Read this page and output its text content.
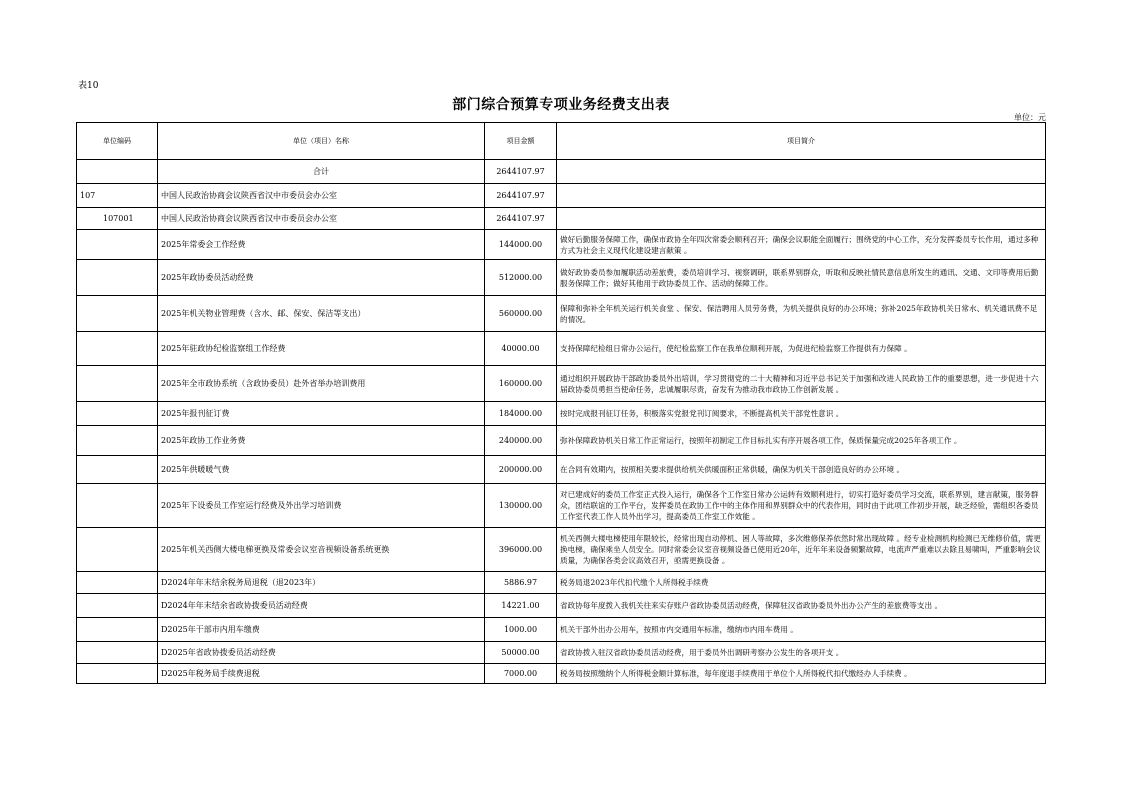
表10
部门综合预算专项业务经费支出表
单位：元
单位编码	单位（项目）名称	项目金额	项目简介
	合计	2644107.97	
107	中国人民政治协商会议陕西省汉中市委员会办公室	2644107.97	
107001	中国人民政治协商会议陕西省汉中市委员会办公室	2644107.97	
	2025年常委会工作经费	144000.00	做好后勤服务保障工作，确保市政协全年四次常委会顺利召开；确保会议职能全面履行；围绕党的中心工作，充分发挥委员专长作用，通过多种方式为社会主义现代化建设建言献策 。
	2025年政协委员活动经费	512000.00	做好政协委员参加履职活动差旅费，委员培训学习、视察调研，联系界别群众，听取和反映社情民意信息所发生的通讯、交通、文印等费用后勤服务保障工作；做好其他用于政协委员工作、活动的保障工作。
	2025年机关物业管理费（含水、邮、保安、保洁等支出）	560000.00	保障和弥补全年机关运行机关食堂 、保安、保洁聘用人员劳务费，为机关提供良好的办公环境；弥补2025年政协机关日常水、机关通讯费不足的情况。
	2025年驻政协纪检监察组工作经费	40000.00	支持保障纪检组日常办公运行，使纪检监察工作在我单位顺利开展，为促进纪检监察工作提供有力保障 。
	2025年全市政协系统（含政协委员）赴外省举办培训费用	160000.00	通过组织开展政协干部政协委员外出培训，学习贯彻党的二十大精神和习近平总书记关于加强和改进人民政协工作的重要思想，进一步促进十六届政协委员勇担当使命任务，忠诚履职尽责，奋发有为推动我市政协工作创新发展 。
	2025年报刊征订费	184000.00	按时完成报刊征订任务，积极落实党报党刊订阅要求，不断提高机关干部党性意识 。
	2025年政协工作业务费	240000.00	弥补保障政协机关日常工作正常运行，按照年初制定工作目标扎实有序开展各项工作，保质保量完成2025年各项工作 。
	2025年供暖暖气费	200000.00	在合同有效期内，按照相关要求提供给机关供暖面积正常供暖，确保为机关干部创造良好的办公环境 。
	2025年下设委员工作室运行经费及外出学习培训费	130000.00	对已建成好的委员工作室正式投入运行，确保各个工作室日常办公运转有效顺利进行，切实打造好委员学习交流，联系界别，建言献策，服务群众，团结联谊的工作平台，发挥委员在政协工作中的主体作用和界别群众中的代表作用，同时由于此项工作初步开展，缺乏经验，需组织各委员工作室代表工作人员外出学习，提高委员工作室工作效能 。
	2025年机关西侧大楼电梯更换及常委会议室音视频设备系统更换	396000.00	机关西侧大楼电梯使用年限较长，经常出现自动停机、困人等故障，多次维修保养依然时常出现故障 。经专业检测机构检测已无维修价值，需更换电梯，确保乘坐人员安全。同时常委会议室音视频设备已使用近20年，近年年来设备频繁故障，电流声严重难以去除且易啸叫，严重影响会议质量，为确保各类会议高效召开，亟需更换设备 。
	D2024年年末结余税务局退税（退2023年）	5886.97	税务局退2023年代扣代缴个人所得税手续费
	D2024年年末结余省政协拨委员活动经费	14221.00	省政协每年度拨入我机关往来实存账户省政协委员活动经费，保障驻汉省政协委员外出办公产生的差旅费等支出 。
	D2025年干部市内用车缴费	1000.00	机关干部外出办公用车，按照市内交通用车标准，缴纳市内用车费用 。
	D2025年省政协拨委员活动经费	50000.00	省政协拨入驻汉省政协委员活动经费，用于委员外出调研考察办公发生的各项开支 。
	D2025年税务局手续费退税	7000.00	税务局按照缴纳个人所得税金额计算标准，每年度退手续费用于单位个人所得税代扣代缴经办人手续费 。
